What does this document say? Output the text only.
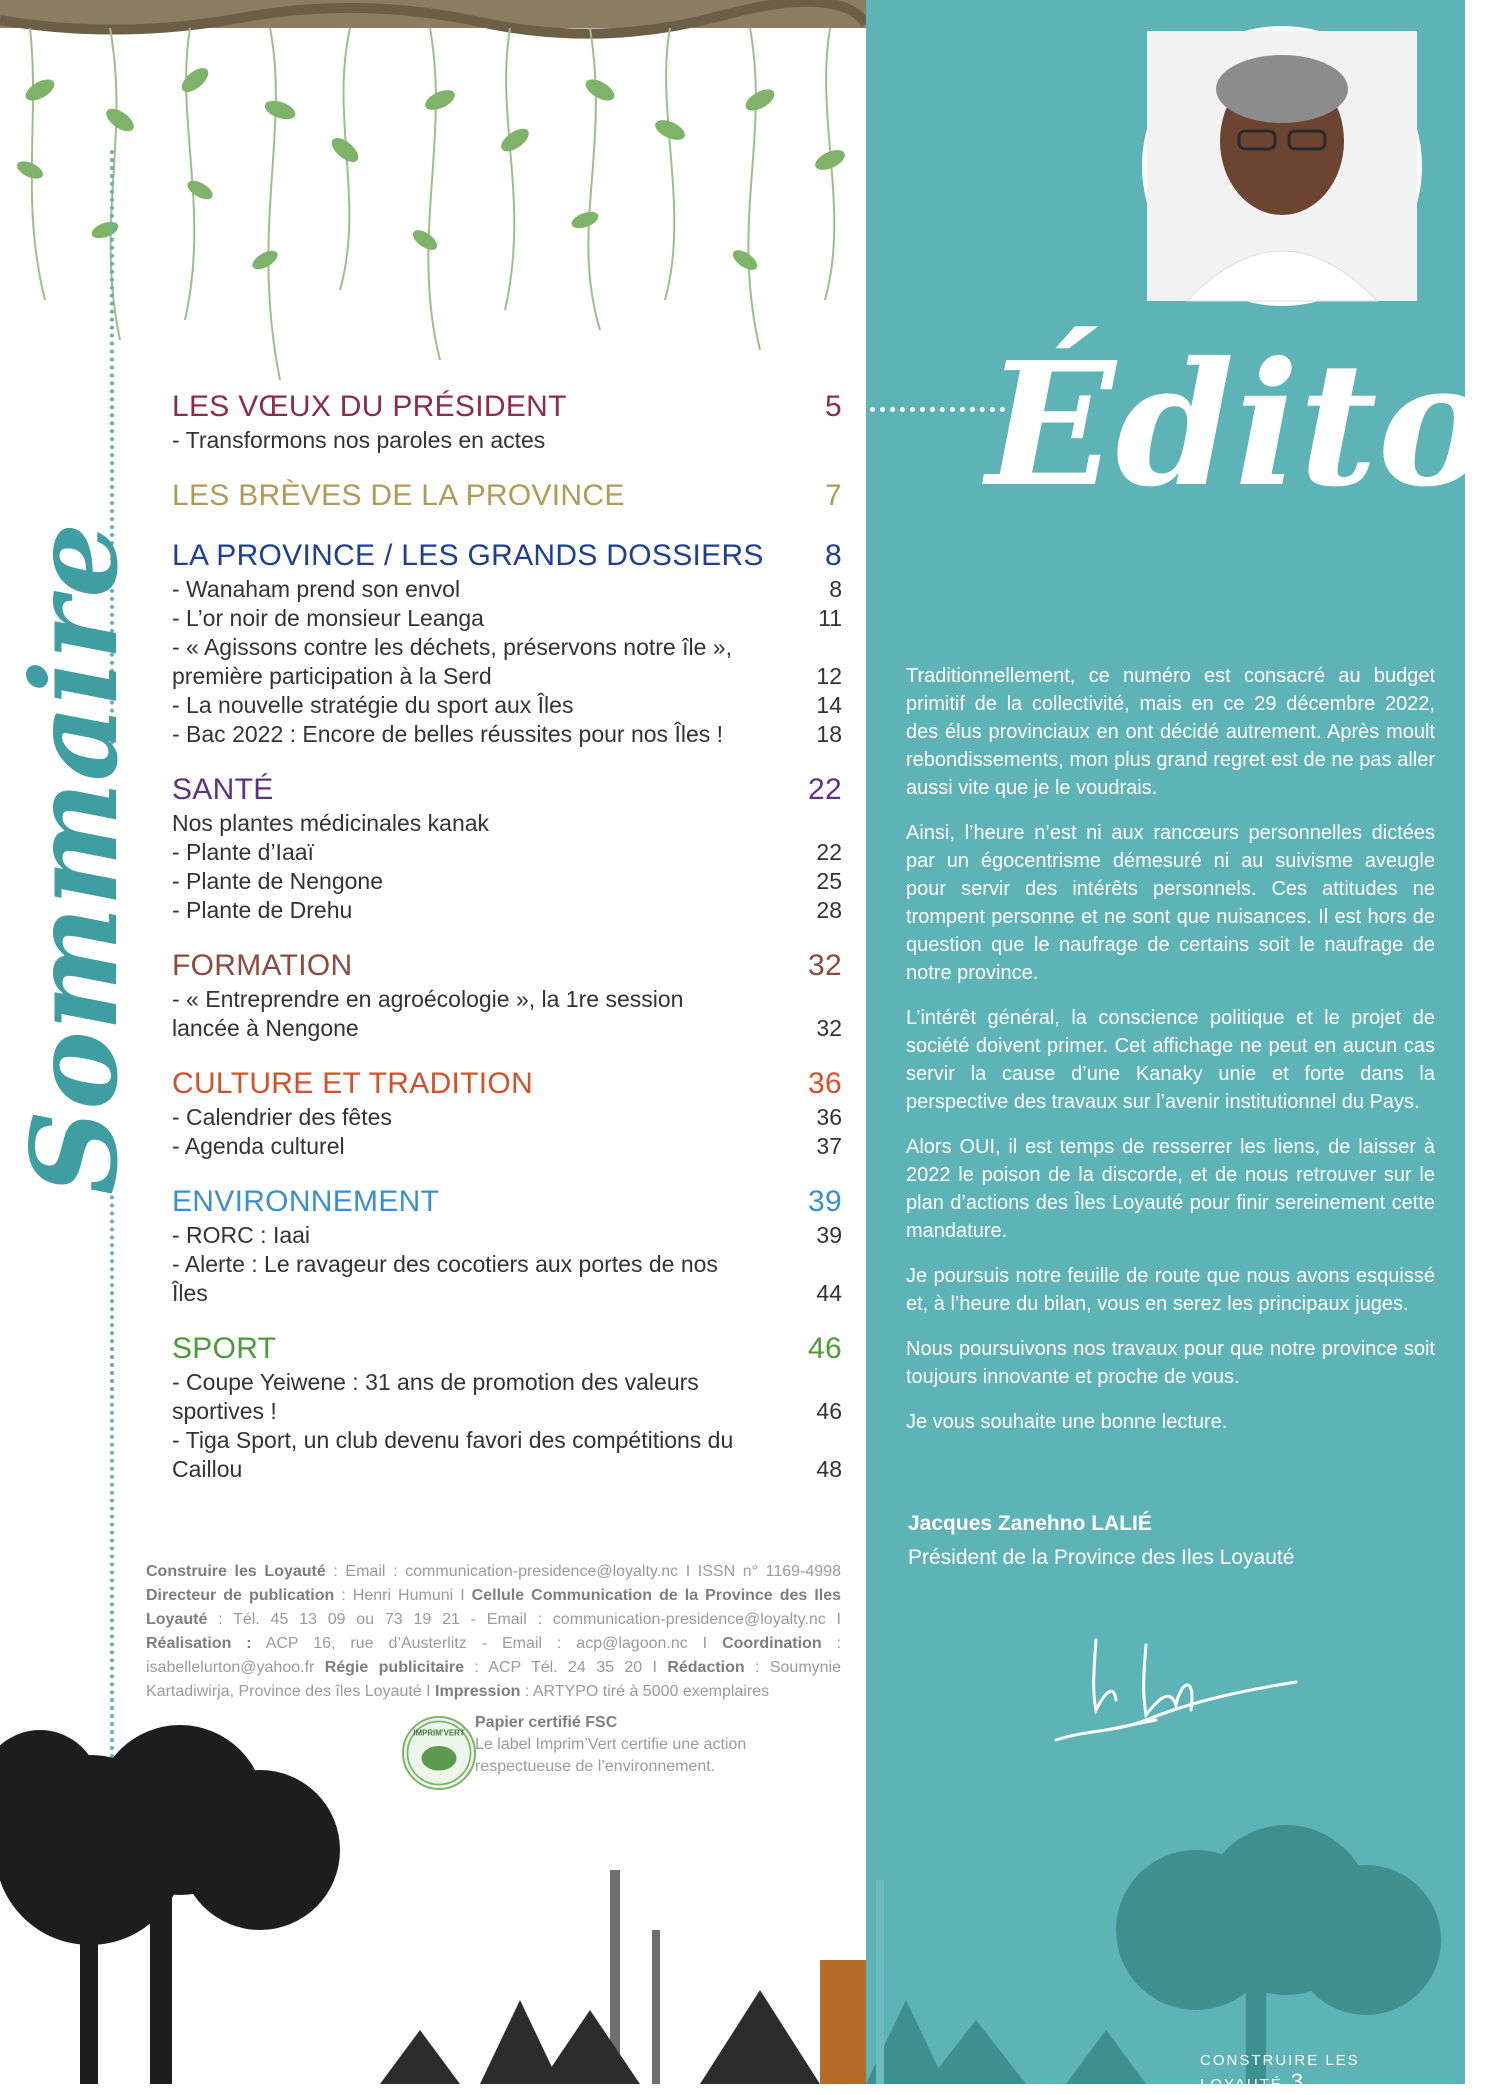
Sommaire
LES VŒUX DU PRÉSIDENT	5
- Transformons nos paroles en actes
LES BRÈVES DE LA PROVINCE	7
LA PROVINCE / LES GRANDS DOSSIERS 8
- Wanaham prend son envol	8
- L’or noir de monsieur Leanga	11
- « Agissons contre les déchets, préservons notre île », première participation à la Serd	12
- La nouvelle stratégie du sport aux Îles	14
- Bac 2022 : Encore de belles réussites pour nos Îles !	18
SANTÉ	22
Nos plantes médicinales kanak
- Plante d’Iaaï	22
- Plante de Nengone	25
- Plante de Drehu	28
FORMATION	32
- « Entreprendre en agroécologie », la 1re session lancée à Nengone	32
CULTURE ET TRADITION	36
- Calendrier des fêtes	36
- Agenda culturel	37
ENVIRONNEMENT	39
- RORC : Iaai	39
- Alerte : Le ravageur des cocotiers aux portes de nos Îles	44
SPORT	46
- Coupe Yeiwene : 31 ans de promotion des valeurs sportives !	46
- Tiga Sport, un club devenu favori des compétitions du Caillou	48
Construire les Loyauté : Email : communication-presidence@loyalty.nc I ISSN n° 1169-4998 Directeur de publication : Henri Humuni I Cellule Communication de la Province des Iles Loyauté : Tél. 45 13 09 ou 73 19 21 - Email : communication-presidence@loyalty.nc I Réalisation : ACP 16, rue d’Austerlitz - Email : acp@lagoon.nc I Coordination : isabellelurton@yahoo.fr Régie publicitaire : ACP Tél. 24 35 20 I Rédaction : Soumynie Kartadiwirja, Province des îles Loyauté I Impression : ARTYPO tiré à 5000 exemplaires
IMPRIM'VERT
Papier certifié FSC
Le label Imprim’Vert certifie une action respectueuse de l’environnement.
Édito

Traditionnellement, ce numéro est consacré au budget primitif de la collectivité, mais en ce 29 décembre 2022, des élus provinciaux en ont décidé autrement. Après moult rebondissements, mon plus grand regret est de ne pas aller aussi vite que je le voudrais.

Ainsi, l’heure n’est ni aux rancœurs personnelles dictées par un égocentrisme démesuré ni au suivisme aveugle pour servir des intérêts personnels. Ces attitudes ne trompent personne et ne sont que nuisances. Il est hors de question que le naufrage de certains soit le naufrage de notre province.

L’intérêt général, la conscience politique et le projet de société doivent primer. Cet affichage ne peut en aucun cas servir la cause d’une Kanaky unie et forte dans la perspective des travaux sur l’avenir institutionnel du Pays.

Alors OUI, il est temps de resserrer les liens, de laisser à 2022 le poison de la discorde, et de nous retrouver sur le plan d’actions des Îles Loyauté pour finir sereinement cette mandature.

Je poursuis notre feuille de route que nous avons esquissé et, à l’heure du bilan, vous en serez les principaux juges.

Nous poursuivons nos travaux pour que notre province soit toujours innovante et proche de vous.

Je vous souhaite une bonne lecture.

Jacques Zanehno LALIÉ
Président de la Province des Iles Loyauté
CONSTRUIRE LES LOYAUTÉ 3
